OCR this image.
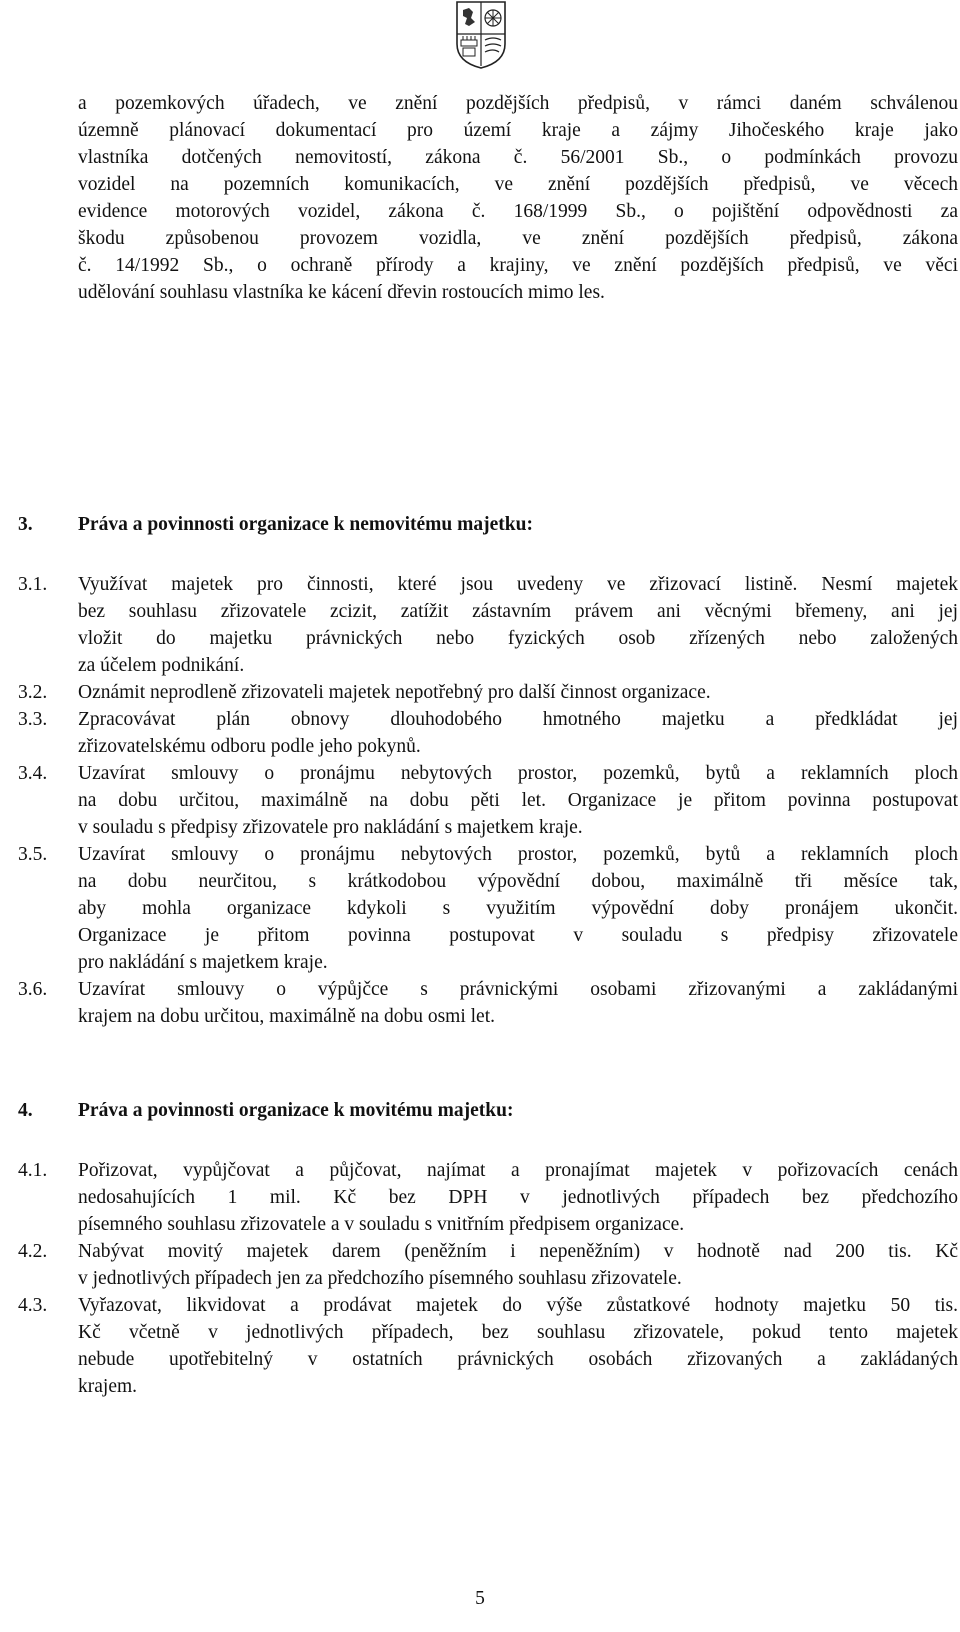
a pozemkových úřadech, ve znění pozdějších předpisů, v rámci daném schválenou
územně plánovací dokumentací pro území kraje a zájmy Jihočeského kraje jako
vlastníka dotčených nemovitostí, zákona č. 56/2001 Sb., o podmínkách provozu
vozidel na pozemních komunikacích, ve znění pozdějších předpisů, ve věcech
evidence motorových vozidel, zákona č. 168/1999 Sb., o pojištění odpovědnosti za
škodu způsobenou provozem vozidla, ve znění pozdějších předpisů, zákona
č. 14/1992 Sb., o ochraně přírody a krajiny, ve znění pozdějších předpisů, ve věci
udělování souhlasu vlastníka ke kácení dřevin rostoucích mimo les.
3. Práva a povinnosti organizace k nemovitému majetku:
3.1. Využívat majetek pro činnosti, které jsou uvedeny ve zřizovací listině. Nesmí majetek
bez souhlasu zřizovatele zcizit, zatížit zástavním právem ani věcnými břemeny, ani jej
vložit do majetku právnických nebo fyzických osob zřízených nebo založených
za účelem podnikání.
3.2. Oznámit neprodleně zřizovateli majetek nepotřebný pro další činnost organizace.
3.3. Zpracovávat plán obnovy dlouhodobého hmotného majetku a předkládat jej
zřizovatelskému odboru podle jeho pokynů.
3.4. Uzavírat smlouvy o pronájmu nebytových prostor, pozemků, bytů a reklamních ploch
na dobu určitou, maximálně na dobu pěti let. Organizace je přitom povinna postupovat
v souladu s předpisy zřizovatele pro nakládání s majetkem kraje.
3.5. Uzavírat smlouvy o pronájmu nebytových prostor, pozemků, bytů a reklamních ploch
na dobu neurčitou, s krátkodobou výpovědní dobou, maximálně tři měsíce tak,
aby mohla organizace kdykoli s využitím výpovědní doby pronájem ukončit.
Organizace je přitom povinna postupovat v souladu s předpisy zřizovatele
pro nakládání s majetkem kraje.
3.6. Uzavírat smlouvy o výpůjčce s právnickými osobami zřizovanými a zakládanými
krajem na dobu určitou, maximálně na dobu osmi let.
4. Práva a povinnosti organizace k movitému majetku:
4.1. Pořizovat, vypůjčovat a půjčovat, najímat a pronajímat majetek v pořizovacích cenách
nedosahujících 1 mil. Kč bez DPH v jednotlivých případech bez předchozího
písemného souhlasu zřizovatele a v souladu s vnitřním předpisem organizace.
4.2. Nabývat movitý majetek darem (peněžním i nepeněžním) v hodnotě nad 200 tis. Kč
v jednotlivých případech jen za předchozího písemného souhlasu zřizovatele.
4.3. Vyřazovat, likvidovat a prodávat majetek do výše zůstatkové hodnoty majetku 50 tis.
Kč včetně v jednotlivých případech, bez souhlasu zřizovatele, pokud tento majetek
nebude upotřebitelný v ostatních právnických osobách zřizovaných a zakládaných
krajem.
5
